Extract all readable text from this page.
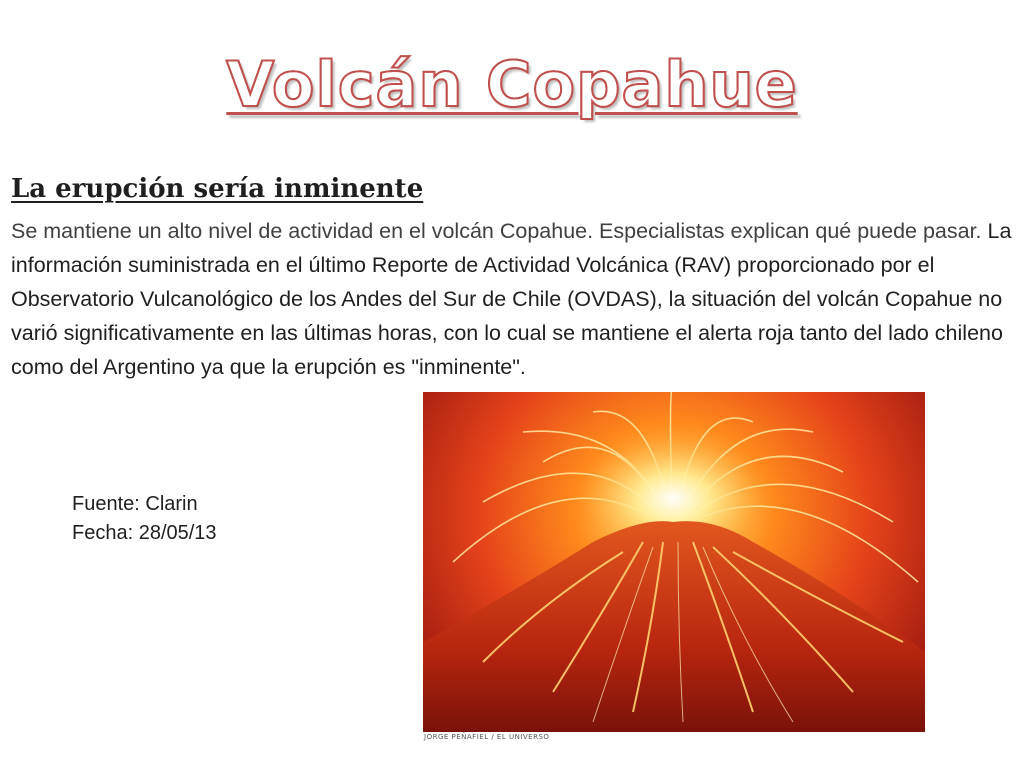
Volcán Copahue
La erupción sería inminente
Se mantiene un alto nivel de actividad en el volcán Copahue. Especialistas explican qué puede pasar. La información suministrada en el último Reporte de Actividad Volcánica (RAV) proporcionado por el Observatorio Vulcanológico de los Andes del Sur de Chile (OVDAS), la situación del volcán Copahue no varió significativamente en las últimas horas, con lo cual se mantiene el alerta roja tanto del lado chileno como del Argentino ya que la erupción es "inminente".
JORGE PEÑAFIEL / EL UNIVERSO
Fuente: Clarin
Fecha: 28/05/13
